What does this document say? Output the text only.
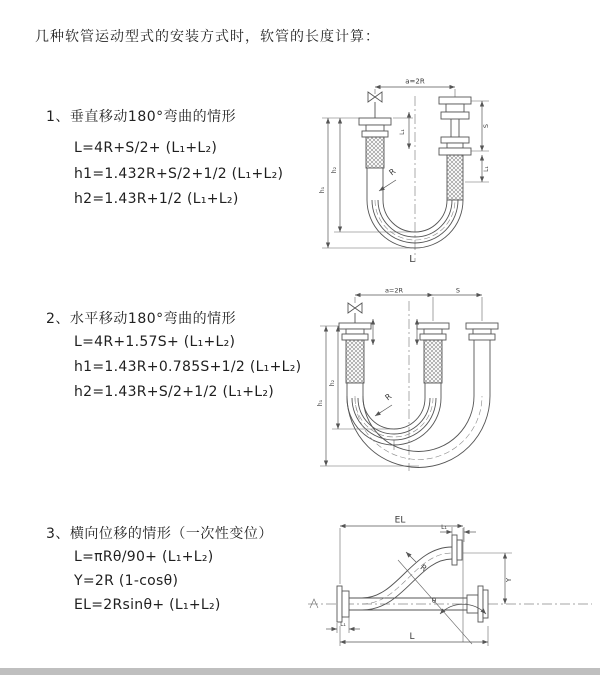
几种软管运动型式的安装方式时，软管的长度计算：
1、垂直移动180°弯曲的情形
L=4R+S/2+ (L₁+L₂)
h1=1.432R+S/2+1/2 (L₁+L₂)
h2=1.43R+1/2 (L₁+L₂)
a=2R
S
L₁
L₁
h₁
h₂	R
L
2、水平移动180°弯曲的情形
L=4R+1.57S+ (L₁+L₂)
h1=1.43R+0.785S+1/2 (L₁+L₂)
h2=1.43R+S/2+1/2 (L₁+L₂)
a=2R	S
h₁
h₂
R
3、横向位移的情形（一次性变位）
L=πRθ/90+ (L₁+L₂)
Y=2R (1-cosθ)
EL=2Rsinθ+ (L₁+L₂)
EL
L₁
θ
R
Y
L₁
L
